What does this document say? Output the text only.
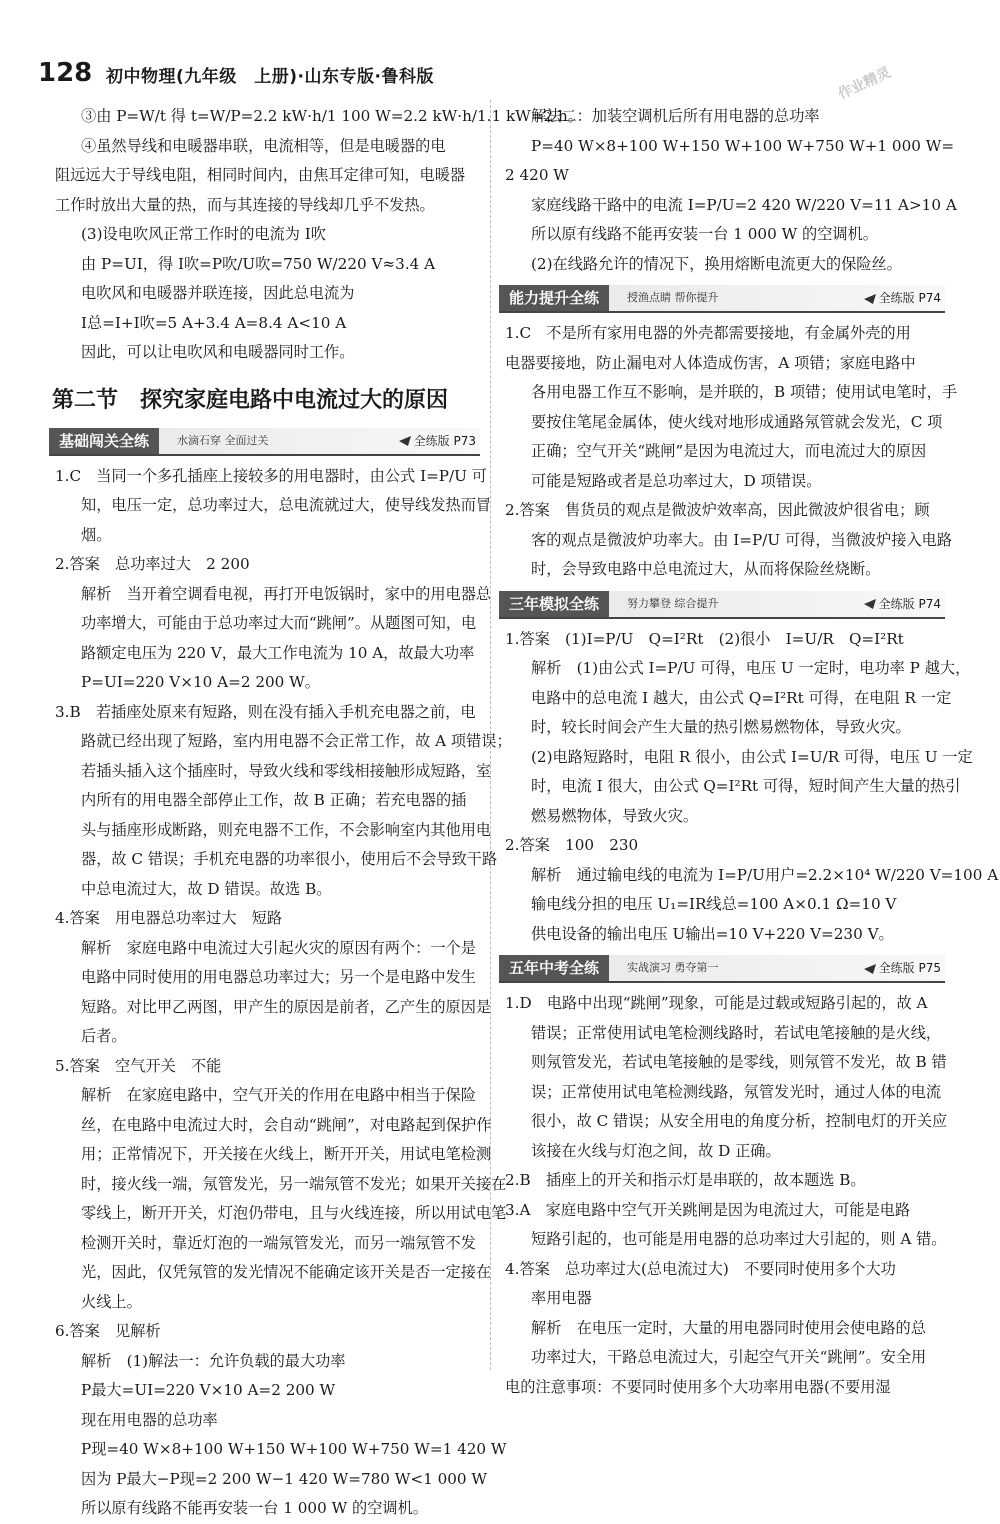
128 初中物理(九年级　上册)·山东专版·鲁科版	作业精灵
③由 P=W/t 得 t=W/P=2.2 kW·h/1 100 W=2.2 kW·h/1.1 kW=2 h。
④虽然导线和电暖器串联，电流相等，但是电暖器的电
阻远远大于导线电阻，相同时间内，由焦耳定律可知，电暖器
工作时放出大量的热，而与其连接的导线却几乎不发热。
(3)设电吹风正常工作时的电流为 I吹
由 P=UI，得 I吹=P吹/U吹=750 W/220 V≈3.4 A
电吹风和电暖器并联连接，因此总电流为
I总=I+I吹=5 A+3.4 A=8.4 A<10 A
因此，可以让电吹风和电暖器同时工作。
第二节　探究家庭电路中电流过大的原因
基础闯关全练	水滴石穿 全面过关	全练版 P73
1.C　当同一个多孔插座上接较多的用电器时，由公式 I=P/U 可
知，电压一定，总功率过大，总电流就过大，使导线发热而冒
烟。
2.答案　总功率过大　2 200
解析　当开着空调看电视，再打开电饭锅时，家中的用电器总
功率增大，可能由于总功率过大而“跳闸”。从题图可知，电
路额定电压为 220 V，最大工作电流为 10 A，故最大功率
P=UI=220 V×10 A=2 200 W。
3.B　若插座处原来有短路，则在没有插入手机充电器之前，电
路就已经出现了短路，室内用电器不会正常工作，故 A 项错误；
若插头插入这个插座时，导致火线和零线相接触形成短路，室
内所有的用电器全部停止工作，故 B 正确；若充电器的插
头与插座形成断路，则充电器不工作，不会影响室内其他用电
器，故 C 错误；手机充电器的功率很小，使用后不会导致干路
中总电流过大，故 D 错误。故选 B。
4.答案　用电器总功率过大　短路
解析　家庭电路中电流过大引起火灾的原因有两个：一个是
电路中同时使用的用电器总功率过大；另一个是电路中发生
短路。对比甲乙两图，甲产生的原因是前者，乙产生的原因是
后者。
5.答案　空气开关　不能
解析　在家庭电路中，空气开关的作用在电路中相当于保险
丝，在电路中电流过大时，会自动“跳闸”，对电路起到保护作
用；正常情况下，开关接在火线上，断开开关，用试电笔检测
时，接火线一端，氖管发光，另一端氖管不发光；如果开关接在
零线上，断开开关，灯泡仍带电，且与火线连接，所以用试电笔
检测开关时，靠近灯泡的一端氖管发光，而另一端氖管不发
光，因此，仅凭氖管的发光情况不能确定该开关是否一定接在
火线上。
6.答案　见解析
解析　(1)解法一：允许负载的最大功率
P最大=UI=220 V×10 A=2 200 W
现在用电器的总功率
P现=40 W×8+100 W+150 W+100 W+750 W=1 420 W
因为 P最大−P现=2 200 W−1 420 W=780 W<1 000 W
所以原有线路不能再安装一台 1 000 W 的空调机。
解法二：加装空调机后所有用电器的总功率
P=40 W×8+100 W+150 W+100 W+750 W+1 000 W=
2 420 W
家庭线路干路中的电流 I=P/U=2 420 W/220 V=11 A>10 A
所以原有线路不能再安装一台 1 000 W 的空调机。
(2)在线路允许的情况下，换用熔断电流更大的保险丝。
能力提升全练	授渔点睛 帮你提升	全练版 P74
1.C　不是所有家用电器的外壳都需要接地，有金属外壳的用
电器要接地，防止漏电对人体造成伤害，A 项错；家庭电路中
各用电器工作互不影响，是并联的，B 项错；使用试电笔时，手
要按住笔尾金属体，使火线对地形成通路氖管就会发光，C 项
正确；空气开关“跳闸”是因为电流过大，而电流过大的原因
可能是短路或者是总功率过大，D 项错误。
2.答案　售货员的观点是微波炉效率高，因此微波炉很省电；顾
客的观点是微波炉功率大。由 I=P/U 可得，当微波炉接入电路
时，会导致电路中总电流过大，从而将保险丝烧断。
三年模拟全练	努力攀登 综合提升	全练版 P74
1.答案　(1)I=P/U　Q=I²Rt　(2)很小　I=U/R　Q=I²Rt
解析　(1)由公式 I=P/U 可得，电压 U 一定时，电功率 P 越大，
电路中的总电流 I 越大，由公式 Q=I²Rt 可得，在电阻 R 一定
时，较长时间会产生大量的热引燃易燃物体，导致火灾。
(2)电路短路时，电阻 R 很小，由公式 I=U/R 可得，电压 U 一定
时，电流 I 很大，由公式 Q=I²Rt 可得，短时间产生大量的热引
燃易燃物体，导致火灾。
2.答案　100　230
解析　通过输电线的电流为 I=P/U用户=2.2×10⁴ W/220 V=100 A
输电线分担的电压 U₁=IR线总=100 A×0.1 Ω=10 V
供电设备的输出电压 U输出=10 V+220 V=230 V。
五年中考全练	实战演习 勇夺第一	全练版 P75
1.D　电路中出现“跳闸”现象，可能是过载或短路引起的，故 A
错误；正常使用试电笔检测线路时，若试电笔接触的是火线，
则氖管发光，若试电笔接触的是零线，则氖管不发光，故 B 错
误；正常使用试电笔检测线路，氖管发光时，通过人体的电流
很小，故 C 错误；从安全用电的角度分析，控制电灯的开关应
该接在火线与灯泡之间，故 D 正确。
2.B　插座上的开关和指示灯是串联的，故本题选 B。
3.A　家庭电路中空气开关跳闸是因为电流过大，可能是电路
短路引起的，也可能是用电器的总功率过大引起的，则 A 错。
4.答案　总功率过大(总电流过大)　不要同时使用多个大功
率用电器
解析　在电压一定时，大量的用电器同时使用会使电路的总
功率过大，干路总电流过大，引起空气开关“跳闸”。安全用
电的注意事项：不要同时使用多个大功率用电器(不要用湿
